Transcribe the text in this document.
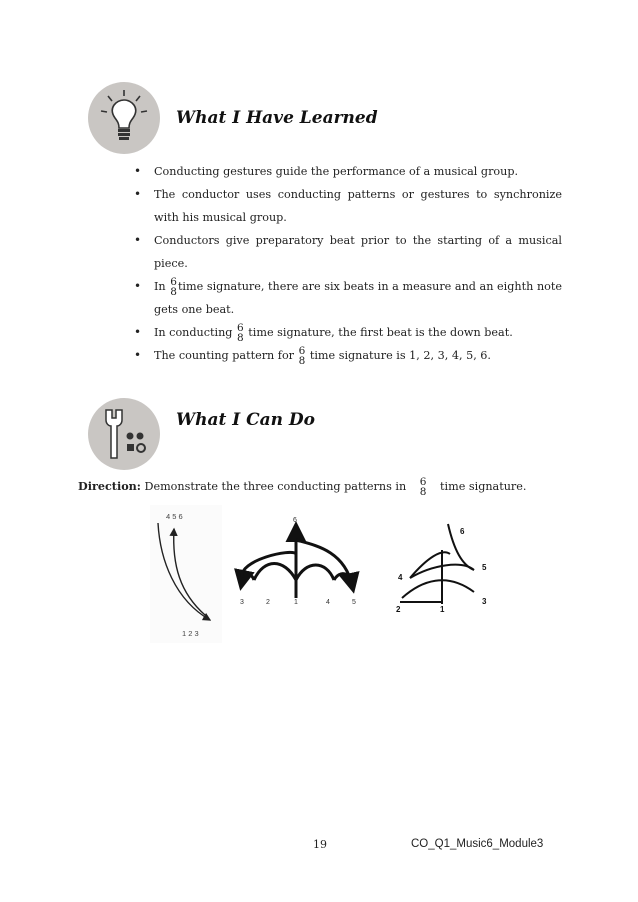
What I Have Learned
• Conducting gestures guide the performance of a musical group.
• The conductor uses conducting patterns or gestures to synchronize with his musical group.
• Conductors give preparatory beat prior to the starting of a musical piece.
• In 6
8 time signature, there are six beats in a measure and an eighth note gets one beat.
• In conducting 6
8 time signature, the first beat is the down beat.
• The counting pattern for 6
8 time signature is 1, 2, 3, 4, 5, 6.
What I Can Do
Direction: Demonstrate the three conducting patterns in 6
8 time signature.
4 5 6
1 2 3
6
3	2	1	4	5
6
5
4
2	1
3
19	CO_Q1_Music6_Module3
